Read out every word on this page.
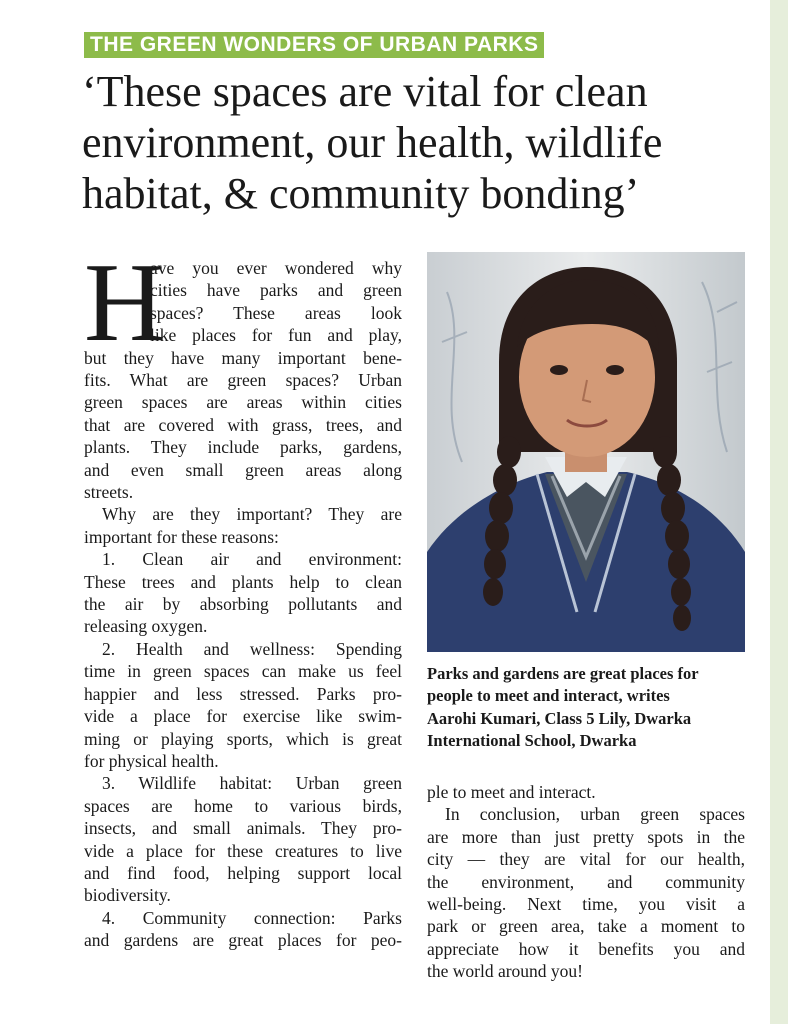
THE GREEN WONDERS OF URBAN PARKS
‘These spaces are vital for clean
environment, our health, wildlife
habitat, & community bonding’
H
ave you ever wondered why
cities have parks and green
spaces? These areas look
like places for fun and play,
but they have many important bene-
fits. What are green spaces? Urban
green spaces are areas within cities
that are covered with grass, trees, and
plants. They include parks, gardens,
and even small green areas along
streets.
Why are they important? They are
important for these reasons:
1. Clean air and environment:
These trees and plants help to clean
the air by absorbing pollutants and
releasing oxygen.
2. Health and wellness: Spending
time in green spaces can make us feel
happier and less stressed. Parks pro-
vide a place for exercise like swim-
ming or playing sports, which is great
for physical health.
3. Wildlife habitat: Urban green
spaces are home to various birds,
insects, and small animals. They pro-
vide a place for these creatures to live
and find food, helping support local
biodiversity.
4. Community connection: Parks
and gardens are great places for peo-
Parks and gardens are great places for
people to meet and interact, writes
Aarohi Kumari, Class 5 Lily, Dwarka
International School, Dwarka
ple to meet and interact.
In conclusion, urban green spaces
are more than just pretty spots in the
city — they are vital for our health,
the environment, and community
well-being. Next time, you visit a
park or green area, take a moment to
appreciate how it benefits you and
the world around you!
